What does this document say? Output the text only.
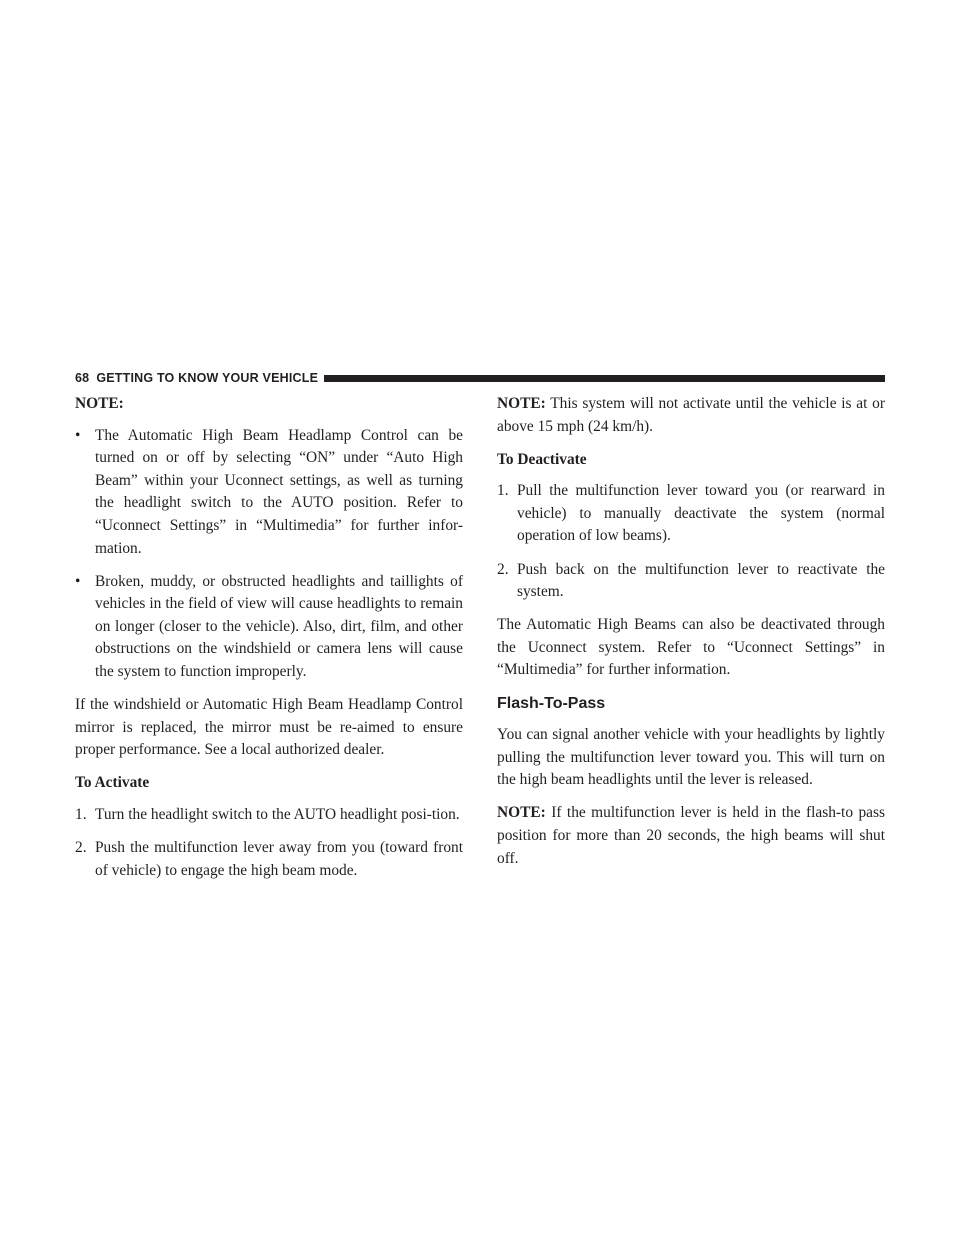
68 GETTING TO KNOW YOUR VEHICLE

NOTE:

• The Automatic High Beam Headlamp Control can be turned on or off by selecting “ON” under “Auto High Beam” within your Uconnect settings, as well as turning the headlight switch to the AUTO position. Refer to “Uconnect Settings” in “Multimedia” for further infor-mation.
• Broken, muddy, or obstructed headlights and taillights of vehicles in the field of view will cause headlights to remain on longer (closer to the vehicle). Also, dirt, film, and other obstructions on the windshield or camera lens will cause the system to function improperly.

If the windshield or Automatic High Beam Headlamp Control mirror is replaced, the mirror must be re-aimed to ensure proper performance. See a local authorized dealer.

To Activate

1. Turn the headlight switch to the AUTO headlight posi-tion.
2. Push the multifunction lever away from you (toward front of vehicle) to engage the high beam mode.

NOTE: This system will not activate until the vehicle is at or above 15 mph (24 km/h).

To Deactivate

1. Pull the multifunction lever toward you (or rearward in vehicle) to manually deactivate the system (normal operation of low beams).
2. Push back on the multifunction lever to reactivate the system.

The Automatic High Beams can also be deactivated through the Uconnect system. Refer to “Uconnect Settings” in “Multimedia” for further information.

Flash-To-Pass

You can signal another vehicle with your headlights by lightly pulling the multifunction lever toward you. This will turn on the high beam headlights until the lever is released.

NOTE: If the multifunction lever is held in the flash-to pass position for more than 20 seconds, the high beams will shut off.
